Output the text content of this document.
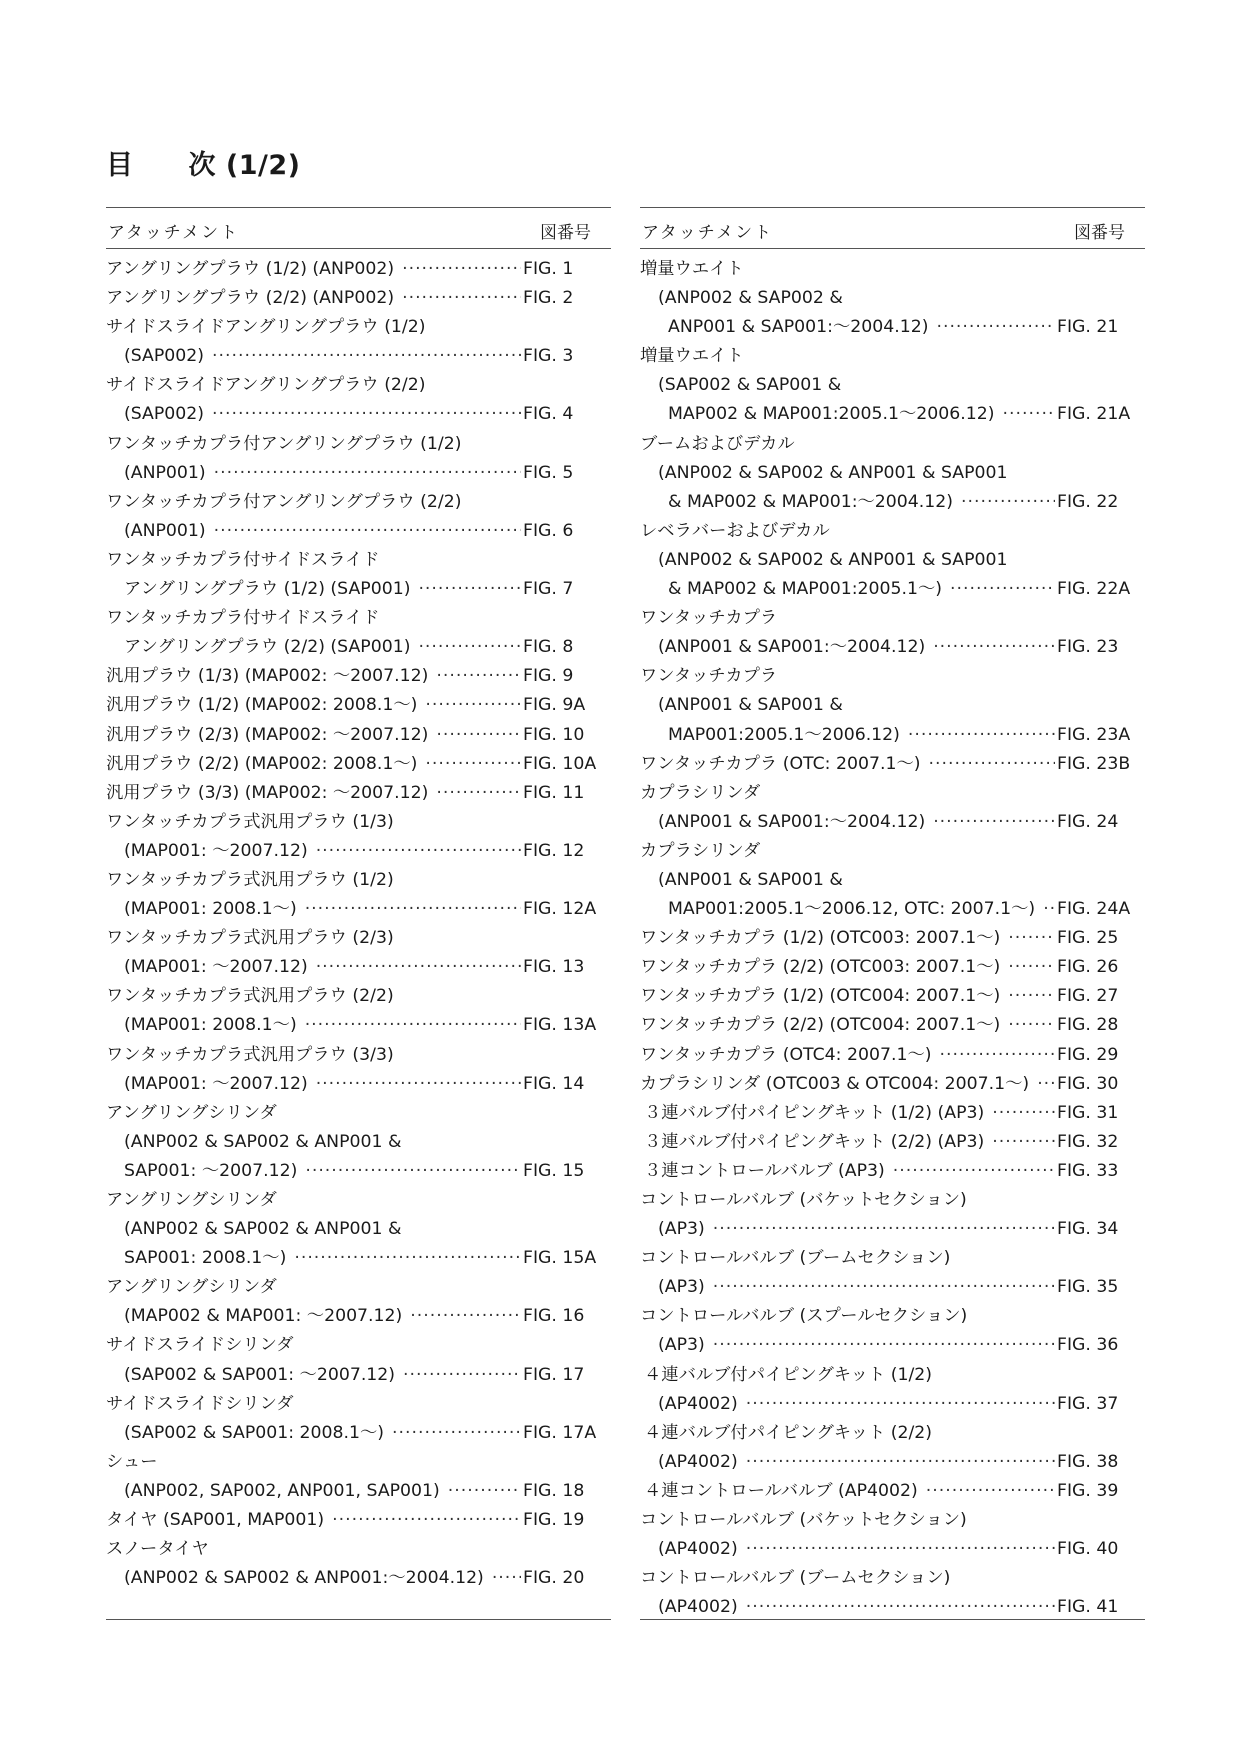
目　　次 (1/2)
アタッチメント	図番号
アングリングプラウ (1/2) (ANP002) ·····	FIG. 1
アングリングプラウ (2/2) (ANP002) ·····	FIG. 2
サイドスライドアングリングプラウ (1/2)
(SAP002) ·····	FIG. 3
サイドスライドアングリングプラウ (2/2)
(SAP002) ·····	FIG. 4
ワンタッチカプラ付アングリングプラウ (1/2)
(ANP001) ·····	FIG. 5
ワンタッチカプラ付アングリングプラウ (2/2)
(ANP001) ·····	FIG. 6
ワンタッチカプラ付サイドスライド
アングリングプラウ (1/2) (SAP001) ·····	FIG. 7
ワンタッチカプラ付サイドスライド
アングリングプラウ (2/2) (SAP001) ·····	FIG. 8
汎用プラウ (1/3) (MAP002: ～2007.12) ·····	FIG. 9
汎用プラウ (1/2) (MAP002: 2008.1～) ·····	FIG. 9A
汎用プラウ (2/3) (MAP002: ～2007.12) ·····	FIG. 10
汎用プラウ (2/2) (MAP002: 2008.1～) ·····	FIG. 10A
汎用プラウ (3/3) (MAP002: ～2007.12) ·····	FIG. 11
ワンタッチカプラ式汎用プラウ (1/3)
(MAP001: ～2007.12) ·····	FIG. 12
ワンタッチカプラ式汎用プラウ (1/2)
(MAP001: 2008.1～) ·····	FIG. 12A
ワンタッチカプラ式汎用プラウ (2/3)
(MAP001: ～2007.12) ·····	FIG. 13
ワンタッチカプラ式汎用プラウ (2/2)
(MAP001: 2008.1～) ·····	FIG. 13A
ワンタッチカプラ式汎用プラウ (3/3)
(MAP001: ～2007.12) ·····	FIG. 14
アングリングシリンダ
(ANP002 & SAP002 & ANP001 &
SAP001: ～2007.12) ·····	FIG. 15
アングリングシリンダ
(ANP002 & SAP002 & ANP001 &
SAP001: 2008.1～) ·····	FIG. 15A
アングリングシリンダ
(MAP002 & MAP001: ～2007.12) ·····	FIG. 16
サイドスライドシリンダ
(SAP002 & SAP001: ～2007.12) ·····	FIG. 17
サイドスライドシリンダ
(SAP002 & SAP001: 2008.1～) ·····	FIG. 17A
シュー
(ANP002, SAP002, ANP001, SAP001) ·····	FIG. 18
タイヤ (SAP001, MAP001) ·····	FIG. 19
スノータイヤ
(ANP002 & SAP002 & ANP001:～2004.12) ····· FIG. 20
アタッチメント	図番号
増量ウエイト
(ANP002 & SAP002 &
ANP001 & SAP001:～2004.12) ·····	FIG. 21
増量ウエイト
(SAP002 & SAP001 &
MAP002 & MAP001:2005.1～2006.12) ·····	FIG. 21A
ブームおよびデカル
(ANP002 & SAP002 & ANP001 & SAP001
& MAP002 & MAP001:～2004.12) ·····	FIG. 22
レベラバーおよびデカル
(ANP002 & SAP002 & ANP001 & SAP001
& MAP002 & MAP001:2005.1～) ·····	FIG. 22A
ワンタッチカプラ
(ANP001 & SAP001:～2004.12) ·····	FIG. 23
ワンタッチカプラ
(ANP001 & SAP001 &
MAP001:2005.1～2006.12) ·····	FIG. 23A
ワンタッチカプラ (OTC: 2007.1～) ·····	FIG. 23B
カプラシリンダ
(ANP001 & SAP001:～2004.12) ·····	FIG. 24
カプラシリンダ
(ANP001 & SAP001 &
MAP001:2005.1～2006.12, OTC: 2007.1～) ····· FIG. 24A
ワンタッチカプラ (1/2) (OTC003: 2007.1～) ·····	FIG. 25
ワンタッチカプラ (2/2) (OTC003: 2007.1～) ·····	FIG. 26
ワンタッチカプラ (1/2) (OTC004: 2007.1～) ·····	FIG. 27
ワンタッチカプラ (2/2) (OTC004: 2007.1～) ·····	FIG. 28
ワンタッチカプラ (OTC4: 2007.1～) ·····	FIG. 29
カプラシリンダ (OTC003 & OTC004: 2007.1～) ····· FIG. 30
３連バルブ付パイピングキット (1/2) (AP3) ·····	FIG. 31
３連バルブ付パイピングキット (2/2) (AP3) ·····	FIG. 32
３連コントロールバルブ (AP3) ·····	FIG. 33
コントロールバルブ (バケットセクション)
(AP3) ·····	FIG. 34
コントロールバルブ (ブームセクション)
(AP3) ·····	FIG. 35
コントロールバルブ (スプールセクション)
(AP3) ·····	FIG. 36
４連バルブ付パイピングキット (1/2)
(AP4002) ·····	FIG. 37
４連バルブ付パイピングキット (2/2)
(AP4002) ·····	FIG. 38
４連コントロールバルブ (AP4002) ·····	FIG. 39
コントロールバルブ (バケットセクション)
(AP4002) ·····	FIG. 40
コントロールバルブ (ブームセクション)
(AP4002) ·····	FIG. 41
